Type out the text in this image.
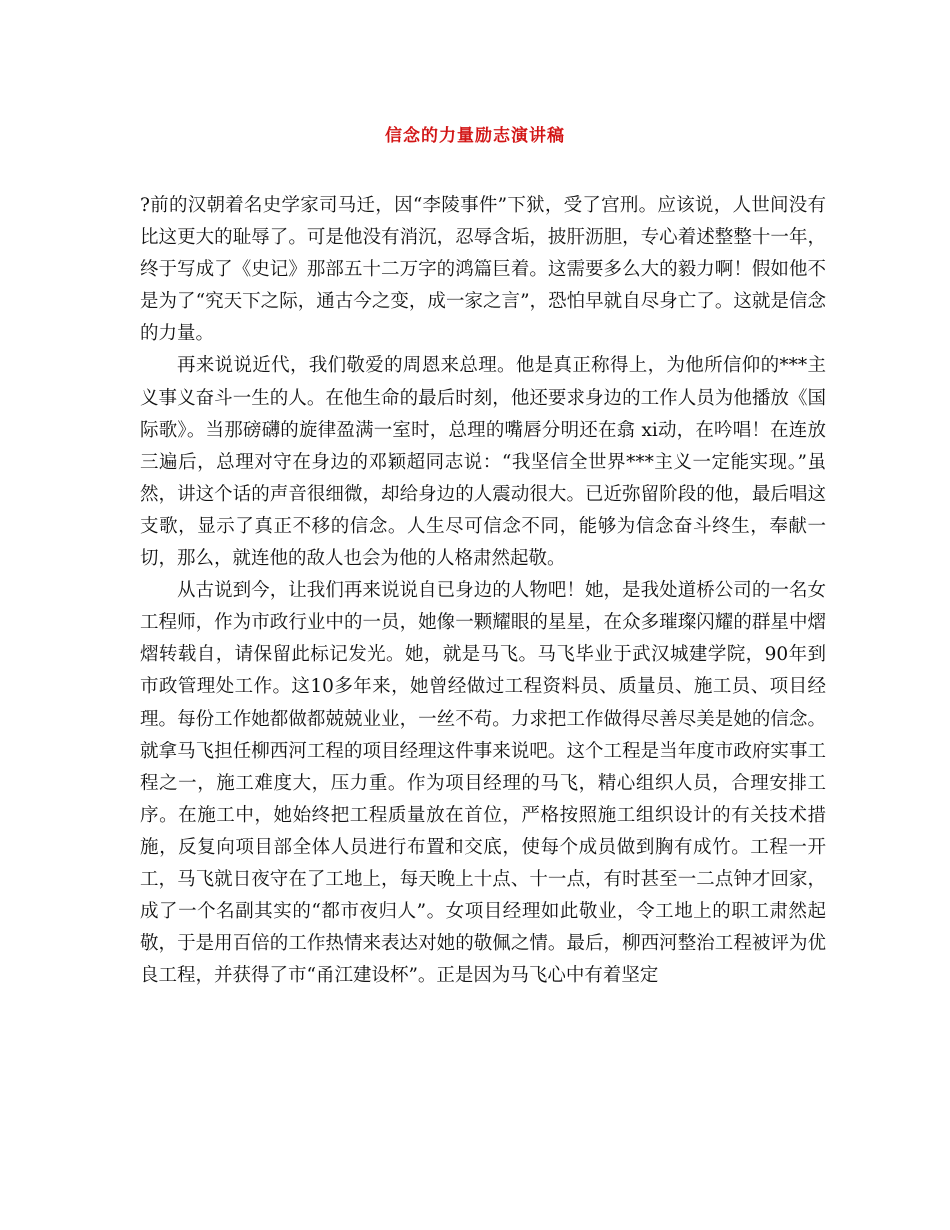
信念的力量励志演讲稿

?前的汉朝着名史学家司马迁，因“李陵事件”下狱，受了宫刑。应该说，人世间没有比这更大的耻辱了。可是他没有消沉，忍辱含垢，披肝沥胆，专心着述整整十一年，终于写成了《史记》那部五十二万字的鸿篇巨着。这需要多么大的毅力啊！假如他不是为了“究天下之际，通古今之变，成一家之言”，恐怕早就自尽身亡了。这就是信念的力量。

再来说说近代，我们敬爱的周恩来总理。他是真正称得上，为他所信仰的***主义事义奋斗一生的人。在他生命的最后时刻，他还要求身边的工作人员为他播放《国际歌》。当那磅礴的旋律盈满一室时，总理的嘴唇分明还在翕 xi动，在吟唱！在连放三遍后，总理对守在身边的邓颖超同志说：“我坚信全世界***主义一定能实现。”虽然，讲这个话的声音很细微，却给身边的人震动很大。已近弥留阶段的他，最后唱这支歌，显示了真正不移的信念。人生尽可信念不同，能够为信念奋斗终生，奉献一切，那么，就连他的敌人也会为他的人格肃然起敬。

从古说到今，让我们再来说说自已身边的人物吧！她，是我处道桥公司的一名女工程师，作为市政行业中的一员，她像一颗耀眼的星星，在众多璀璨闪耀的群星中熠熠转载自，请保留此标记发光。她，就是马飞。马飞毕业于武汉城建学院，90年到市政管理处工作。这10多年来，她曾经做过工程资料员、质量员、施工员、项目经理。每份工作她都做都兢兢业业，一丝不苟。力求把工作做得尽善尽美是她的信念。就拿马飞担任柳西河工程的项目经理这件事来说吧。这个工程是当年度市政府实事工程之一，施工难度大，压力重。作为项目经理的马飞，精心组织人员，合理安排工序。在施工中，她始终把工程质量放在首位，严格按照施工组织设计的有关技术措施，反复向项目部全体人员进行布置和交底，使每个成员做到胸有成竹。工程一开工，马飞就日夜守在了工地上，每天晚上十点、十一点，有时甚至一二点钟才回家，成了一个名副其实的“都市夜归人”。女项目经理如此敬业，令工地上的职工肃然起敬，于是用百倍的工作热情来表达对她的敬佩之情。最后，柳西河整治工程被评为优良工程，并获得了市“甬江建设杯”。正是因为马飞心中有着坚定
